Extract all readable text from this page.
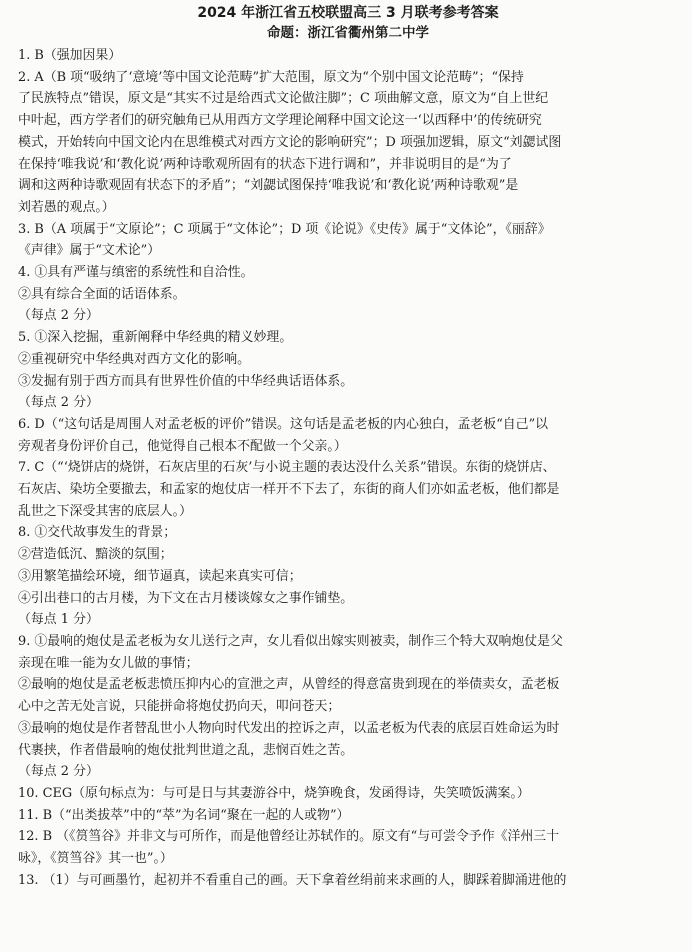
2024 年浙江省五校联盟高三 3 月联考参考答案
命题：浙江省衢州第二中学
1. B（强加因果）
2. A（B 项“吸纳了‘意境’等中国文论范畴”扩大范围，原文为“个别中国文论范畴”；“保持
了民族特点”错误，原文是“其实不过是给西式文论做注脚”；C 项曲解文意，原文为“自上世纪
中叶起，西方学者们的研究触角已从用西方文学理论阐释中国文论这一‘以西释中’的传统研究
模式，开始转向中国文论内在思维模式对西方文论的影响研究”；D 项强加逻辑，原文“刘勰试图
在保持‘唯我说’和‘教化说’两种诗歌观所固有的状态下进行调和”，并非说明目的是“为了
调和这两种诗歌观固有状态下的矛盾”；“刘勰试图保持‘唯我说’和‘教化说’两种诗歌观”是
刘若愚的观点。）
3. B（A 项属于“文原论”；C 项属于“文体论”；D 项《论说》《史传》属于“文体论”，《丽辞》
《声律》属于“文术论”）
4. ①具有严谨与缜密的系统性和自洽性。
②具有综合全面的话语体系。
（每点 2 分）
5. ①深入挖掘，重新阐释中华经典的精义妙理。
②重视研究中华经典对西方文化的影响。
③发掘有别于西方而具有世界性价值的中华经典话语体系。
（每点 2 分）
6. D（“这句话是周围人对孟老板的评价”错误。这句话是孟老板的内心独白，孟老板“自己”以
旁观者身份评价自己，他觉得自己根本不配做一个父亲。）
7. C（“‘烧饼店的烧饼，石灰店里的石灰’与小说主题的表达没什么关系”错误。东街的烧饼店、
石灰店、染坊全要撤去，和孟家的炮仗店一样开不下去了，东街的商人们亦如孟老板，他们都是
乱世之下深受其害的底层人。）
8. ①交代故事发生的背景；
②营造低沉、黯淡的氛围；
③用繁笔描绘环境，细节逼真，读起来真实可信；
④引出巷口的古月楼，为下文在古月楼谈嫁女之事作铺垫。
（每点 1 分）
9. ①最响的炮仗是孟老板为女儿送行之声，女儿看似出嫁实则被卖，制作三个特大双响炮仗是父
亲现在唯一能为女儿做的事情；
②最响的炮仗是孟老板悲愤压抑内心的宣泄之声，从曾经的得意富贵到现在的举债卖女，孟老板
心中之苦无处言说，只能拼命将炮仗扔向天，叩问苍天；
③最响的炮仗是作者替乱世小人物向时代发出的控诉之声，以孟老板为代表的底层百姓命运为时
代裹挟，作者借最响的炮仗批判世道之乱，悲悯百姓之苦。
（每点 2 分）
10. CEG（原句标点为：与可是日与其妻游谷中，烧笋晚食，发函得诗，失笑喷饭满案。）
11. B（“出类拔萃”中的“萃”为名词“聚在一起的人或物”）
12. B （《筼筜谷》并非文与可所作，而是他曾经让苏轼作的。原文有“与可尝令予作《洋州三十
咏》，《筼筜谷》其一也”。）
13. （1）与可画墨竹，起初并不看重自己的画。天下拿着丝绢前来求画的人，脚踩着脚涌进他的
